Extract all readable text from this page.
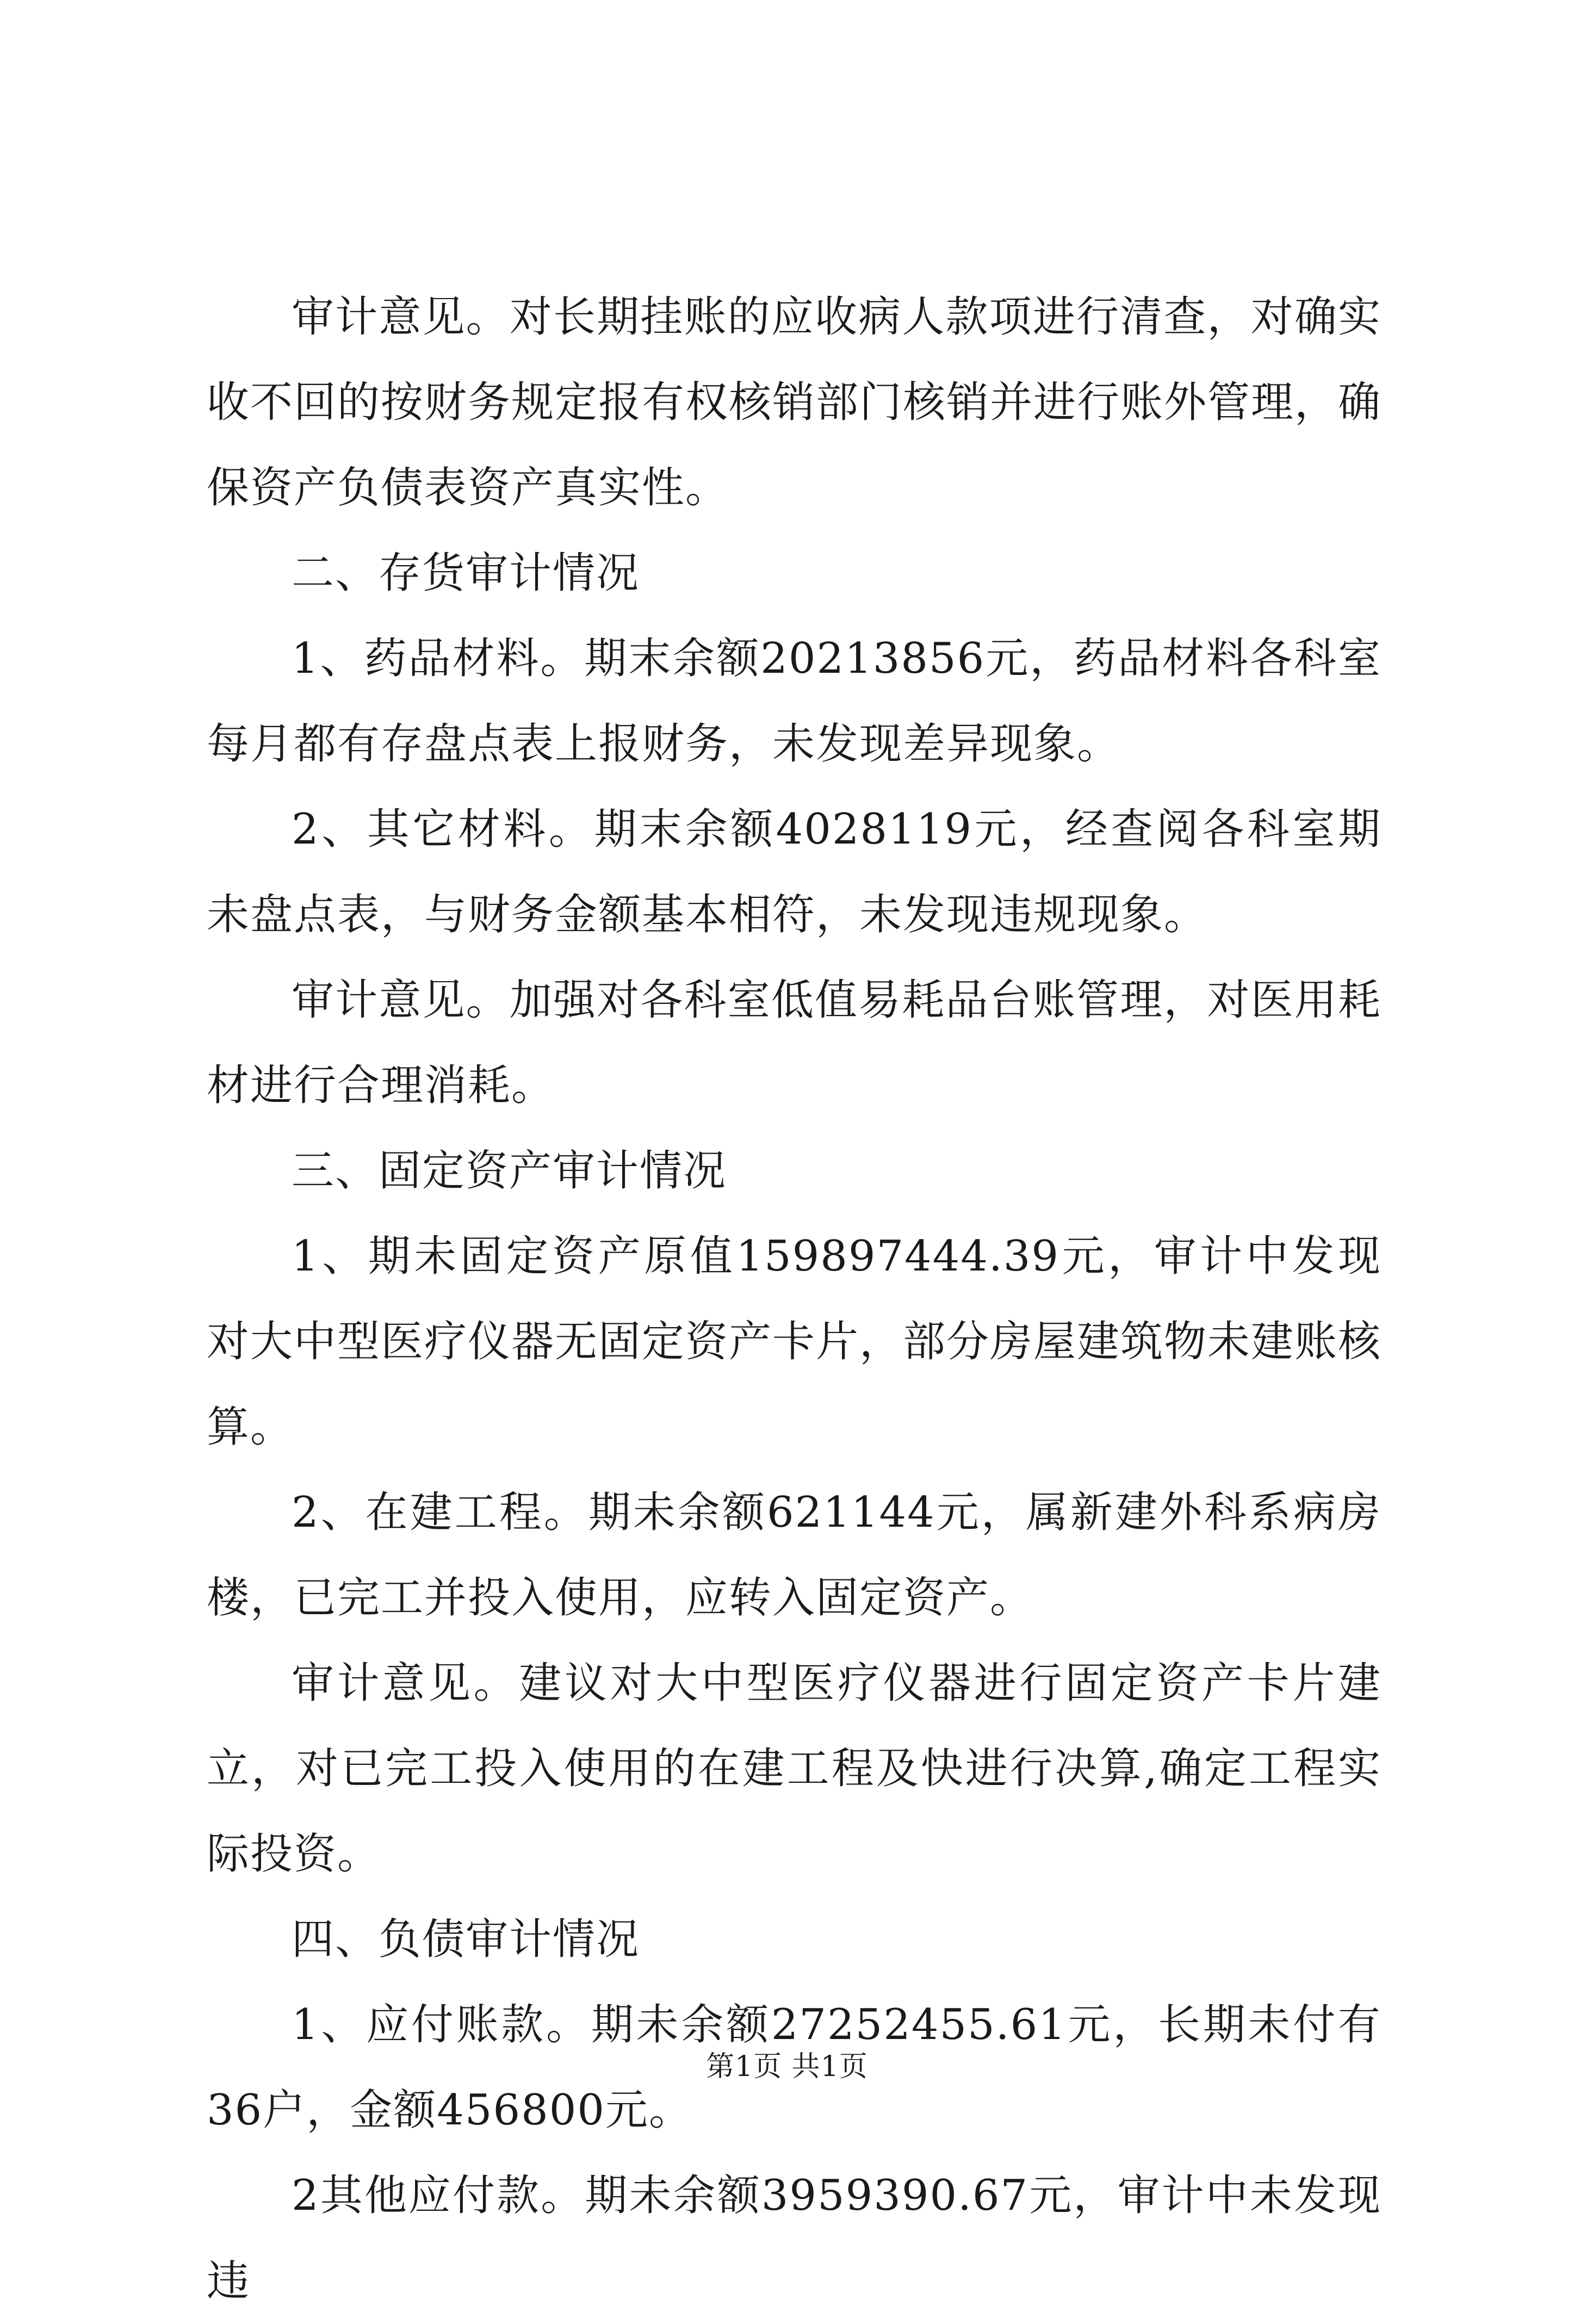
审计意见。对长期挂账的应收病人款项进行清查，对确实收不回的按财务规定报有权核销部门核销并进行账外管理，确保资产负债表资产真实性。

二、存货审计情况

1、药品材料。期末余额20213856元，药品材料各科室每月都有存盘点表上报财务，未发现差异现象。

2、其它材料。期末余额4028119元，经查阅各科室期未盘点表，与财务金额基本相符，未发现违规现象。

审计意见。加强对各科室低值易耗品台账管理，对医用耗材进行合理消耗。

三、固定资产审计情况

1、期未固定资产原值159897444.39元，审计中发现对大中型医疗仪器无固定资产卡片，部分房屋建筑物未建账核算。

2、在建工程。期未余额621144元，属新建外科系病房楼，已完工并投入使用，应转入固定资产。

审计意见。建议对大中型医疗仪器进行固定资产卡片建立，对已完工投入使用的在建工程及快进行决算,确定工程实际投资。

四、负债审计情况

1、应付账款。期未余额27252455.61元，长期未付有36户，金额456800元。

2其他应付款。期未余额3959390.67元，审计中未发现违

第1页 共1页
